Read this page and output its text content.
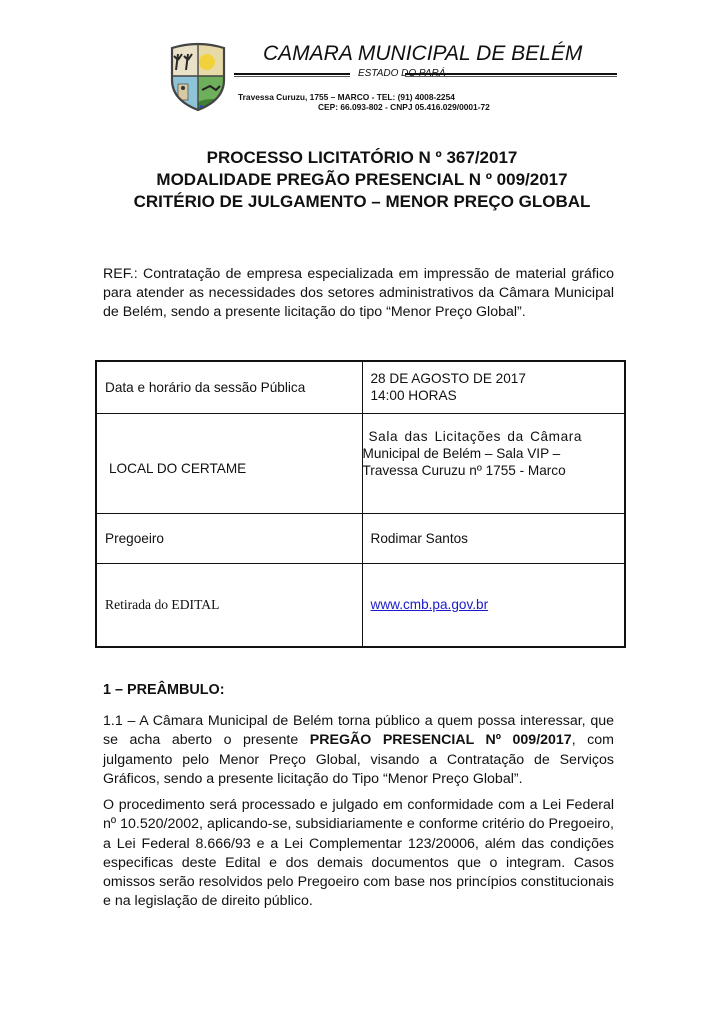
CAMARA MUNICIPAL DE BELÉM
ESTADO DO PARÁ
Travessa Curuzu, 1755 – MARCO - TEL: (91) 4008-2254
CEP: 66.093-802 - CNPJ 05.416.029/0001-72
PROCESSO LICITATÓRIO N º 367/2017
MODALIDADE PREGÃO PRESENCIAL N º 009/2017
CRITÉRIO DE JULGAMENTO – MENOR PREÇO GLOBAL
REF.: Contratação de empresa especializada em impressão de material gráfico para atender as necessidades dos setores administrativos da Câmara Municipal de Belém, sendo a presente licitação do tipo “Menor Preço Global”.
Data e horário da sessão Pública	28 DE AGOSTO DE 2017
14:00 HORAS

LOCAL DO CERTAME	Sala das Licitações da Câmara
Municipal de Belém – Sala VIP –
Travessa Curuzu nº 1755 - Marco

Pregoeiro	Rodimar Santos
Retirada do EDITAL	www.cmb.pa.gov.br
1 – PREÂMBULO:
1.1 – A Câmara Municipal de Belém torna público a quem possa interessar, que se acha aberto o presente PREGÃO PRESENCIAL Nº 009/2017, com julgamento pelo Menor Preço Global, visando a Contratação de Serviços Gráficos, sendo a presente licitação do Tipo “Menor Preço Global”.
O procedimento será processado e julgado em conformidade com a Lei Federal nº 10.520/2002, aplicando-se, subsidiariamente e conforme critério do Pregoeiro, a Lei Federal 8.666/93 e a Lei Complementar 123/20006, além das condições especificas deste Edital e dos demais documentos que o integram. Casos omissos serão resolvidos pelo Pregoeiro com base nos princípios constitucionais e na legislação de direito público.
